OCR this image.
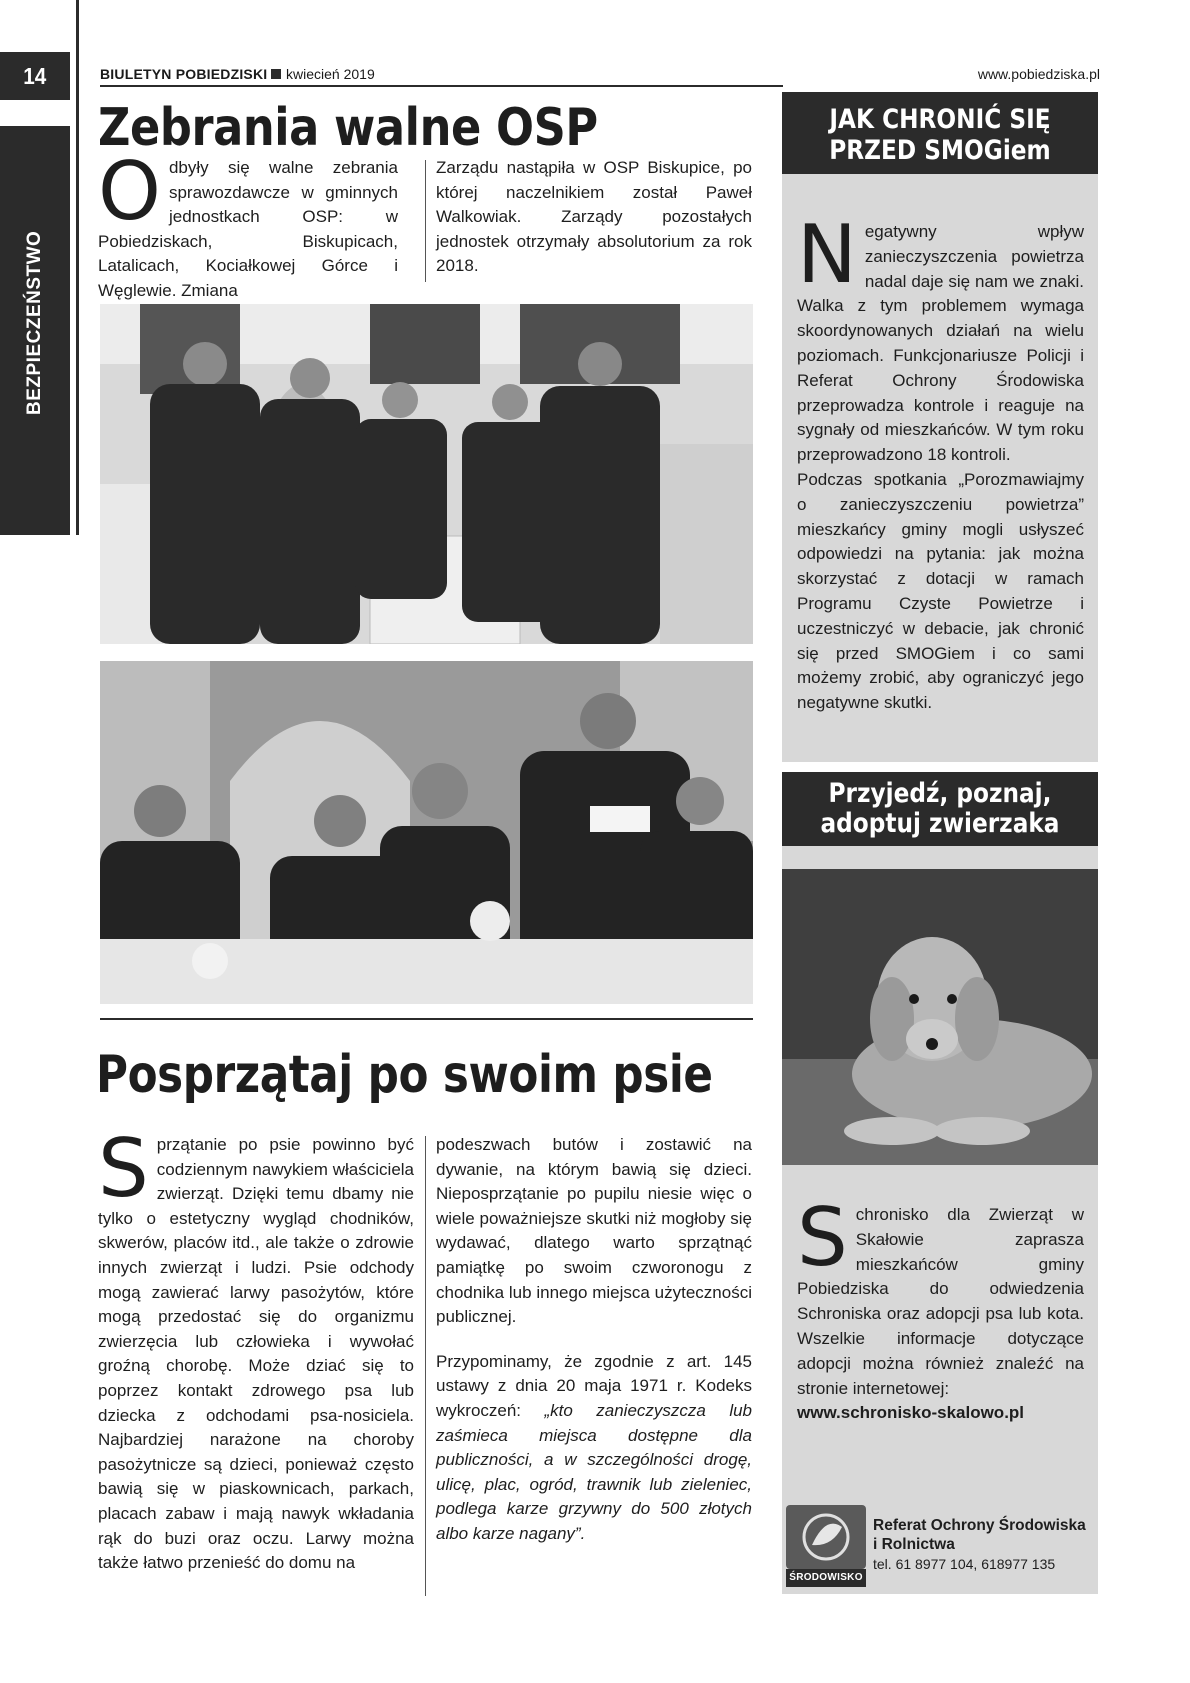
14
BEZPIECZEŃSTWO
BIULETYN POBIEDZISKI kwiecień 2019	www.pobiedziska.pl
Zebrania walne OSP
Odbyły się walne zebrania sprawozdawcze w gminnych jednostkach OSP: w Pobiedziskach, Biskupicach, Latalicach, Kociałkowej Górce i Węglewie. Zmiana
Zarządu nastąpiła w OSP Biskupice, po której naczelnikiem został Paweł Walkowiak. Zarządy pozostałych jednostek otrzymały absolutorium za rok 2018.
Posprzątaj po swoim psie
Sprzątanie po psie powinno być codziennym nawykiem właściciela zwierząt. Dzięki temu dbamy nie tylko o estetyczny wygląd chodników, skwerów, placów itd., ale także o zdrowie innych zwierząt i ludzi. Psie odchody mogą zawierać larwy pasożytów, które mogą przedostać się do organizmu zwierzęcia lub człowieka i wywołać groźną chorobę. Może dziać się to poprzez kontakt zdrowego psa lub dziecka z odchodami psa-nosiciela. Najbardziej narażone na choroby pasożytnicze są dzieci, ponieważ często bawią się w piaskownicach, parkach, placach zabaw i mają nawyk wkładania rąk do buzi oraz oczu. Larwy można także łatwo przenieść do domu na

podeszwach butów i zostawić na dywanie, na którym bawią się dzieci. Nieposprzątanie po pupilu niesie więc o wiele poważniejsze skutki niż mogłoby się wydawać, dlatego warto sprzątnąć pamiątkę po swoim czworonogu z chodnika lub innego miejsca użyteczności publicznej.

Przypominamy, że zgodnie z art. 145 ustawy z dnia 20 maja 1971 r. Kodeks wykroczeń: „kto zanieczyszcza lub zaśmieca miejsca dostępne dla publiczności, a w szczególności drogę, ulicę, plac, ogród, trawnik lub zieleniec, podlega karze grzywny do 500 złotych albo karze nagany”.

JAK CHRONIĆ SIĘ
PRZED SMOGiem
Negatywny wpływ zanieczyszczenia powietrza nadal daje się nam we znaki. Walka z tym problemem wymaga skoordynowanych działań na wielu poziomach. Funkcjonariusze Policji i Referat Ochrony Środowiska przeprowadza kontrole i reaguje na sygnały od mieszkańców. W tym roku przeprowadzono 18 kontroli.
Podczas spotkania „Porozmawiajmy o zanieczyszczeniu powietrza” mieszkańcy gminy mogli usłyszeć odpowiedzi na pytania: jak można skorzystać z dotacji w ramach Programu Czyste Powietrze i uczestniczyć w debacie, jak chronić się przed SMOGiem i co sami możemy zrobić, aby ograniczyć jego negatywne skutki.
Przyjedź, poznaj,
adoptuj zwierzaka
Schronisko dla Zwierząt w Skałowie zaprasza mieszkańców gminy Pobiedziska do odwiedzenia Schroniska oraz adopcji psa lub kota. Wszelkie informacje dotyczące adopcji można również znaleźć na stronie internetowej:
www.schronisko-skalowo.pl
ŚRODOWISKO
Referat Ochrony Środowiska
i Rolnictwa
tel. 61 8977 104, 618977 135
